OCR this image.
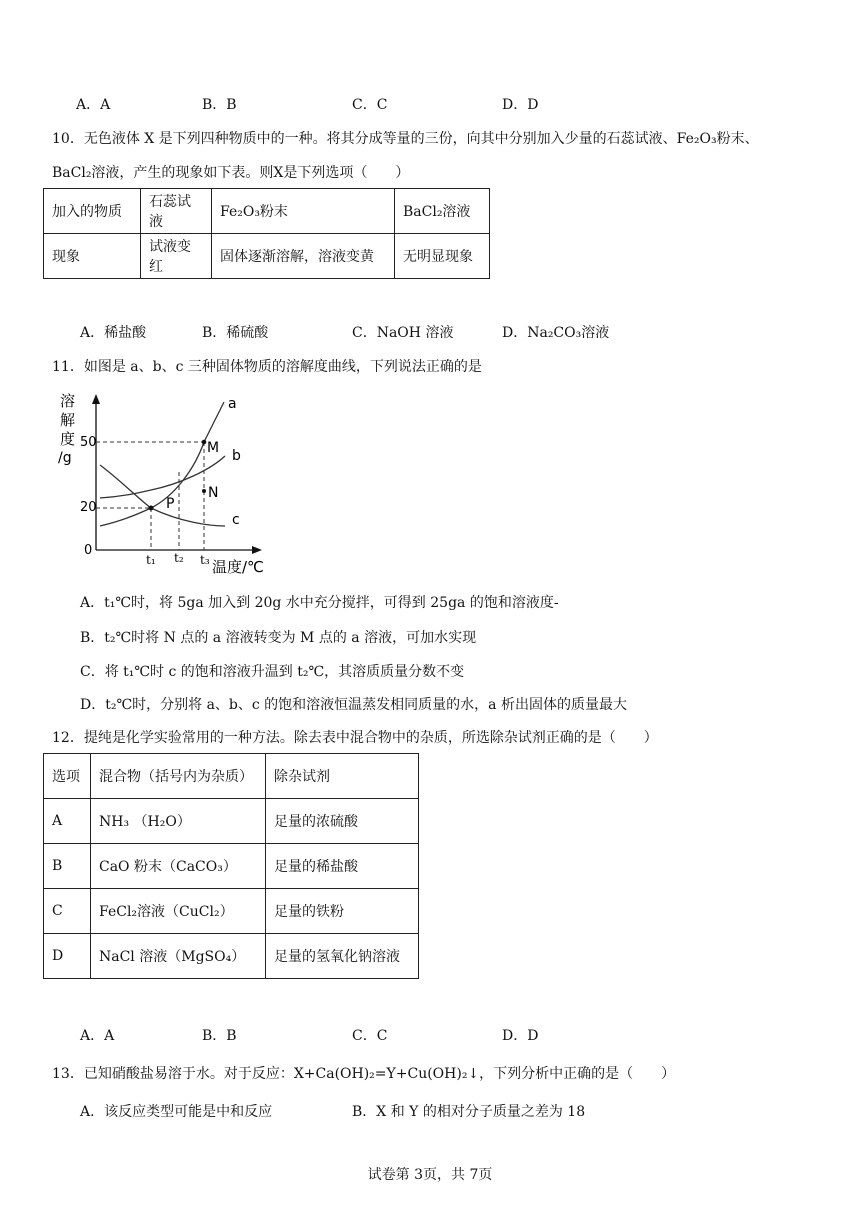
A．A	B．B	C．C	D．D
10．无色液体 X 是下列四种物质中的一种。将其分成等量的三份，向其中分别加入少量的石蕊试液、Fe₂O₃粉末、
BaCl₂溶液，产生的现象如下表。则X是下列选项（　　）
加入的物质	石蕊试液	Fe₂O₃粉末	BaCl₂溶液
现象	试液变红	固体逐渐溶解，溶液变黄	无明显现象
A．稀盐酸	B．稀硫酸	C．NaOH 溶液	D．Na₂CO₃溶液
11．如图是 a、b、c 三种固体物质的溶解度曲线，下列说法正确的是
溶
解
度
/g
50
20
0
t₁ t₂ t₃ 温度/℃
a
b
c
M
N
P
A．t₁℃时，将 5ga 加入到 20g 水中充分搅拌，可得到 25ga 的饱和溶液度-
B．t₂℃时将 N 点的 a 溶液转变为 M 点的 a 溶液，可加水实现
C．将 t₁℃时 c 的饱和溶液升温到 t₂℃，其溶质质量分数不变
D．t₂℃时，分别将 a、b、c 的饱和溶液恒温蒸发相同质量的水，a 析出固体的质量最大
12．提纯是化学实验常用的一种方法。除去表中混合物中的杂质，所选除杂试剂正确的是（　　）
选项	混合物（括号内为杂质）	除杂试剂
A	NH₃ （H₂O）	足量的浓硫酸
B	CaO 粉末（CaCO₃）	足量的稀盐酸
C	FeCl₂溶液（CuCl₂）	足量的铁粉
D	NaCl 溶液（MgSO₄）	足量的氢氧化钠溶液
A．A	B．B	C．C	D．D
13．已知硝酸盐易溶于水。对于反应：X+Ca(OH)₂=Y+Cu(OH)₂↓，下列分析中正确的是（　　）
A．该反应类型可能是中和反应	B．X 和 Y 的相对分子质量之差为 18
试卷第 3页，共 7页
